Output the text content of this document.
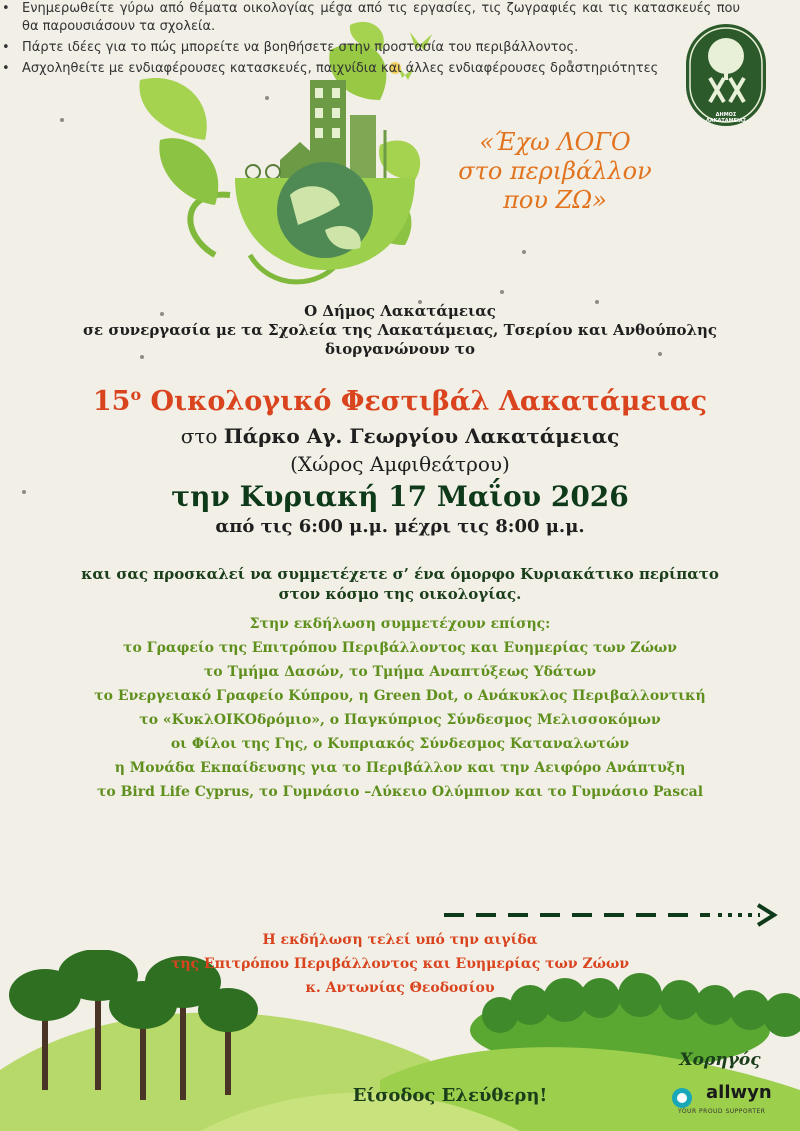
ΔΗΜΟΣ
ΛΑΚΑΤΑΜΕΙΑΣ
«Έχω ΛΟΓΟ
στο περιβάλλον
που ΖΩ»
Ο Δήμος Λακατάμειας
σε συνεργασία με τα Σχολεία της Λακατάμειας, Τσερίου και Ανθούπολης
διοργανώνουν το
$15^o$ Οικολογικό Φεστιβάλ Λακατάμειας
στο Πάρκο Αγ. Γεωργίου Λακατάμειας
(Χώρος Αμφιθεάτρου)
την Κυριακή 17 Μαΐου 2026
από τις 6:00 μ.μ. μέχρι τις 8:00 μ.μ.
και σας προσκαλεί να συμμετέχετε σ’ ένα όμορφο Κυριακάτικο περίπατο
στον κόσμο της οικολογίας.
Στην εκδήλωση συμμετέχουν επίσης:
το Γραφείο της Επιτρόπου Περιβάλλοντος και Ευημερίας των Ζώων
το Τμήμα Δασών, το Τμήμα Αναπτύξεως Υδάτων
το Ενεργειακό Γραφείο Κύπρου, η Green Dot, ο Ανάκυκλος Περιβαλλοντική
το «ΚυκλΟΙΚΟδρόμιο», ο Παγκύπριος Σύνδεσμος Μελισσοκόμων
οι Φίλοι της Γης, ο Κυπριακός Σύνδεσμος Καταναλωτών
η Μονάδα Εκπαίδευσης για το Περιβάλλον και την Αειφόρο Ανάπτυξη
το Bird Life Cyprus, το Γυμνάσιο –Λύκειο Ολύμπιον και το Γυμνάσιο Pascal
• Ενημερωθείτε γύρω από θέματα οικολογίας μέσα από τις εργασίες, τις ζωγραφιές και τις κατασκευές που θα παρουσιάσουν τα σχολεία.
• Πάρτε ιδέες για το πώς μπορείτε να βοηθήσετε στην προστασία του περιβάλλοντος.
• Ασχοληθείτε με ενδιαφέρουσες κατασκευές, παιχνίδια και άλλες ενδιαφέρουσες δραστηριότητες
Η εκδήλωση τελεί υπό την αιγίδα
της Επιτρόπου Περιβάλλοντος και Ευημερίας των Ζώων
κ. Αντωνίας Θεοδοσίου
Είσοδος Ελεύθερη!
Χορηγός
allwyn
YOUR PROUD SUPPORTER
